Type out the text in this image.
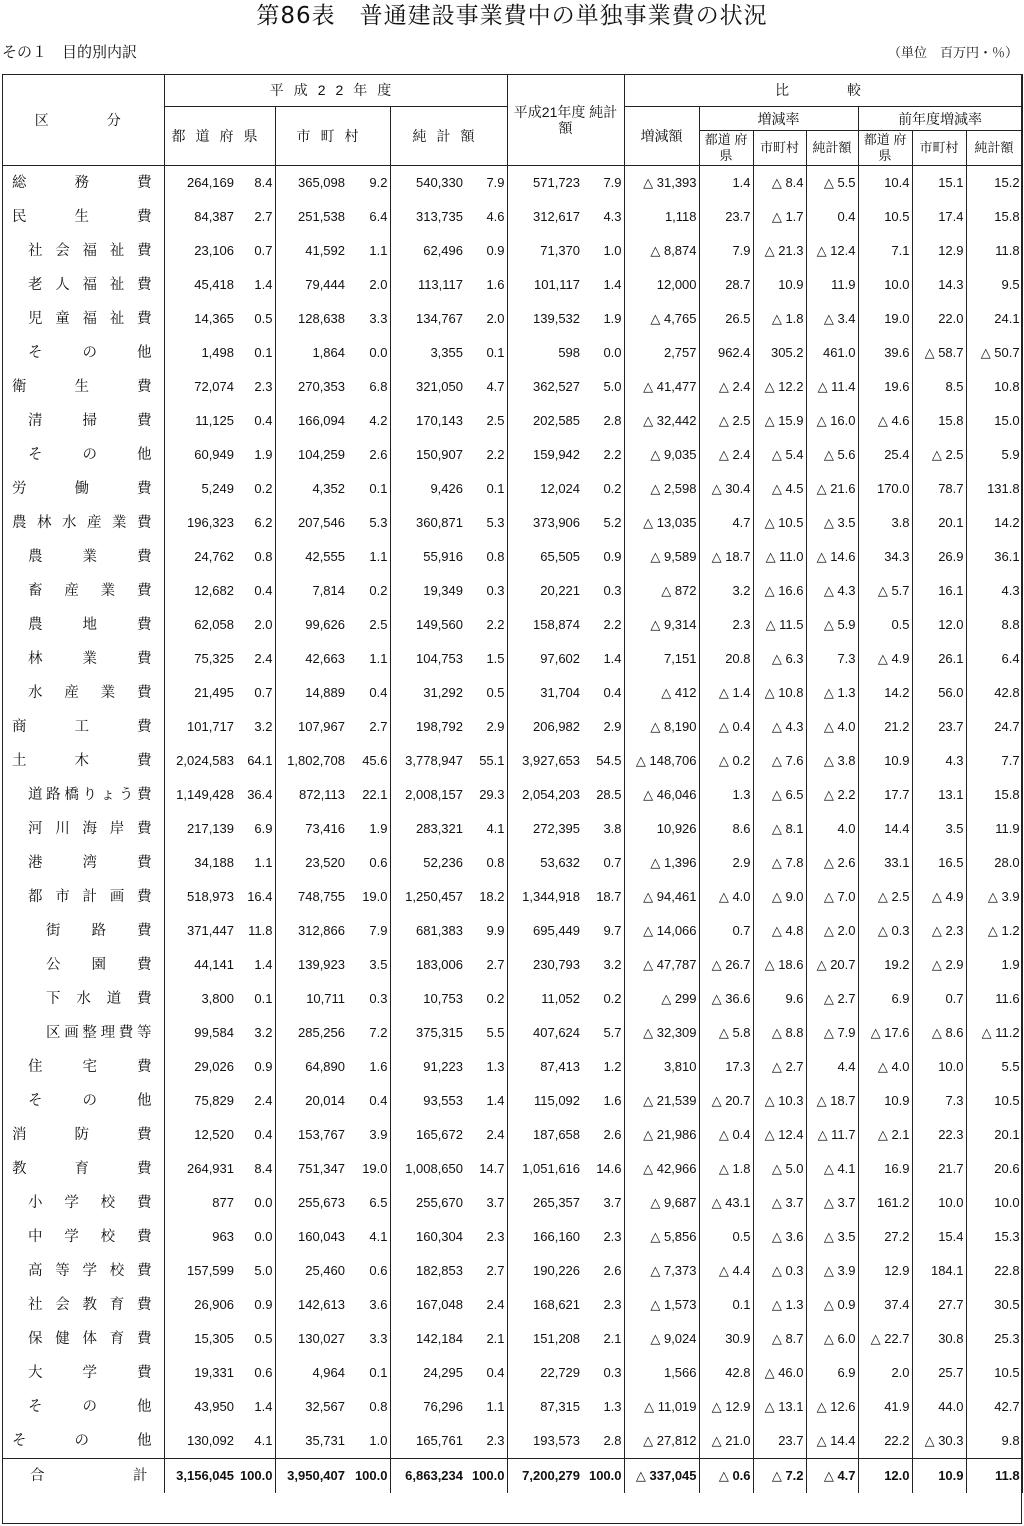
第86表　普通建設事業費中の単独事業費の状況
その１　目的別内訳	（単位　百万円・％）
区　　分	平成22年度						平成21年度 純計額		比　　較						
	都道府県		市町村		純計額				増減額	増減率			前年度増減率		
										都道 府県	市町村	純計額	都道 府県	市町村	純計額
総務費	264,169	8.4	365,098	9.2	540,330	7.9	571,723	7.9	△ 31,393	1.4	△ 8.4	△ 5.5	10.4	15.1	15.2
民生費	84,387	2.7	251,538	6.4	313,735	4.6	312,617	4.3	1,118	23.7	△ 1.7	0.4	10.5	17.4	15.8
社会福祉費	23,106	0.7	41,592	1.1	62,496	0.9	71,370	1.0	△ 8,874	7.9	△ 21.3	△ 12.4	7.1	12.9	11.8
老人福祉費	45,418	1.4	79,444	2.0	113,117	1.6	101,117	1.4	12,000	28.7	10.9	11.9	10.0	14.3	9.5
児童福祉費	14,365	0.5	128,638	3.3	134,767	2.0	139,532	1.9	△ 4,765	26.5	△ 1.8	△ 3.4	19.0	22.0	24.1
その他	1,498	0.1	1,864	0.0	3,355	0.1	598	0.0	2,757	962.4	305.2	461.0	39.6	△ 58.7	△ 50.7
衛生費	72,074	2.3	270,353	6.8	321,050	4.7	362,527	5.0	△ 41,477	△ 2.4	△ 12.2	△ 11.4	19.6	8.5	10.8
清掃費	11,125	0.4	166,094	4.2	170,143	2.5	202,585	2.8	△ 32,442	△ 2.5	△ 15.9	△ 16.0	△ 4.6	15.8	15.0
その他	60,949	1.9	104,259	2.6	150,907	2.2	159,942	2.2	△ 9,035	△ 2.4	△ 5.4	△ 5.6	25.4	△ 2.5	5.9
労働費	5,249	0.2	4,352	0.1	9,426	0.1	12,024	0.2	△ 2,598	△ 30.4	△ 4.5	△ 21.6	170.0	78.7	131.8
農林水産業費	196,323	6.2	207,546	5.3	360,871	5.3	373,906	5.2	△ 13,035	4.7	△ 10.5	△ 3.5	3.8	20.1	14.2
農業費	24,762	0.8	42,555	1.1	55,916	0.8	65,505	0.9	△ 9,589	△ 18.7	△ 11.0	△ 14.6	34.3	26.9	36.1
畜産業費	12,682	0.4	7,814	0.2	19,349	0.3	20,221	0.3	△ 872	3.2	△ 16.6	△ 4.3	△ 5.7	16.1	4.3
農地費	62,058	2.0	99,626	2.5	149,560	2.2	158,874	2.2	△ 9,314	2.3	△ 11.5	△ 5.9	0.5	12.0	8.8
林業費	75,325	2.4	42,663	1.1	104,753	1.5	97,602	1.4	7,151	20.8	△ 6.3	7.3	△ 4.9	26.1	6.4
水産業費	21,495	0.7	14,889	0.4	31,292	0.5	31,704	0.4	△ 412	△ 1.4	△ 10.8	△ 1.3	14.2	56.0	42.8
商工費	101,717	3.2	107,967	2.7	198,792	2.9	206,982	2.9	△ 8,190	△ 0.4	△ 4.3	△ 4.0	21.2	23.7	24.7
土木費	2,024,583	64.1	1,802,708	45.6	3,778,947	55.1	3,927,653	54.5	△ 148,706	△ 0.2	△ 7.6	△ 3.8	10.9	4.3	7.7
道路橋りょう費	1,149,428	36.4	872,113	22.1	2,008,157	29.3	2,054,203	28.5	△ 46,046	1.3	△ 6.5	△ 2.2	17.7	13.1	15.8
河川海岸費	217,139	6.9	73,416	1.9	283,321	4.1	272,395	3.8	10,926	8.6	△ 8.1	4.0	14.4	3.5	11.9
港湾費	34,188	1.1	23,520	0.6	52,236	0.8	53,632	0.7	△ 1,396	2.9	△ 7.8	△ 2.6	33.1	16.5	28.0
都市計画費	518,973	16.4	748,755	19.0	1,250,457	18.2	1,344,918	18.7	△ 94,461	△ 4.0	△ 9.0	△ 7.0	△ 2.5	△ 4.9	△ 3.9
街路費	371,447	11.8	312,866	7.9	681,383	9.9	695,449	9.7	△ 14,066	0.7	△ 4.8	△ 2.0	△ 0.3	△ 2.3	△ 1.2
公園費	44,141	1.4	139,923	3.5	183,006	2.7	230,793	3.2	△ 47,787	△ 26.7	△ 18.6	△ 20.7	19.2	△ 2.9	1.9
下水道費	3,800	0.1	10,711	0.3	10,753	0.2	11,052	0.2	△ 299	△ 36.6	9.6	△ 2.7	6.9	0.7	11.6
区画整理費等	99,584	3.2	285,256	7.2	375,315	5.5	407,624	5.7	△ 32,309	△ 5.8	△ 8.8	△ 7.9	△ 17.6	△ 8.6	△ 11.2
住宅費	29,026	0.9	64,890	1.6	91,223	1.3	87,413	1.2	3,810	17.3	△ 2.7	4.4	△ 4.0	10.0	5.5
その他	75,829	2.4	20,014	0.4	93,553	1.4	115,092	1.6	△ 21,539	△ 20.7	△ 10.3	△ 18.7	10.9	7.3	10.5
消防費	12,520	0.4	153,767	3.9	165,672	2.4	187,658	2.6	△ 21,986	△ 0.4	△ 12.4	△ 11.7	△ 2.1	22.3	20.1
教育費	264,931	8.4	751,347	19.0	1,008,650	14.7	1,051,616	14.6	△ 42,966	△ 1.8	△ 5.0	△ 4.1	16.9	21.7	20.6
小学校費	877	0.0	255,673	6.5	255,670	3.7	265,357	3.7	△ 9,687	△ 43.1	△ 3.7	△ 3.7	161.2	10.0	10.0
中学校費	963	0.0	160,043	4.1	160,304	2.3	166,160	2.3	△ 5,856	0.5	△ 3.6	△ 3.5	27.2	15.4	15.3
高等学校費	157,599	5.0	25,460	0.6	182,853	2.7	190,226	2.6	△ 7,373	△ 4.4	△ 0.3	△ 3.9	12.9	184.1	22.8
社会教育費	26,906	0.9	142,613	3.6	167,048	2.4	168,621	2.3	△ 1,573	0.1	△ 1.3	△ 0.9	37.4	27.7	30.5
保健体育費	15,305	0.5	130,027	3.3	142,184	2.1	151,208	2.1	△ 9,024	30.9	△ 8.7	△ 6.0	△ 22.7	30.8	25.3
大学費	19,331	0.6	4,964	0.1	24,295	0.4	22,729	0.3	1,566	42.8	△ 46.0	6.9	2.0	25.7	10.5
その他	43,950	1.4	32,567	0.8	76,296	1.1	87,315	1.3	△ 11,019	△ 12.9	△ 13.1	△ 12.6	41.9	44.0	42.7
その他	130,092	4.1	35,731	1.0	165,761	2.3	193,573	2.8	△ 27,812	△ 21.0	23.7	△ 14.4	22.2	△ 30.3	9.8
合計	3,156,045	100.0	3,950,407	100.0	6,863,234	100.0	7,200,279	100.0	△ 337,045	△ 0.6	△ 7.2	△ 4.7	12.0	10.9	11.8
